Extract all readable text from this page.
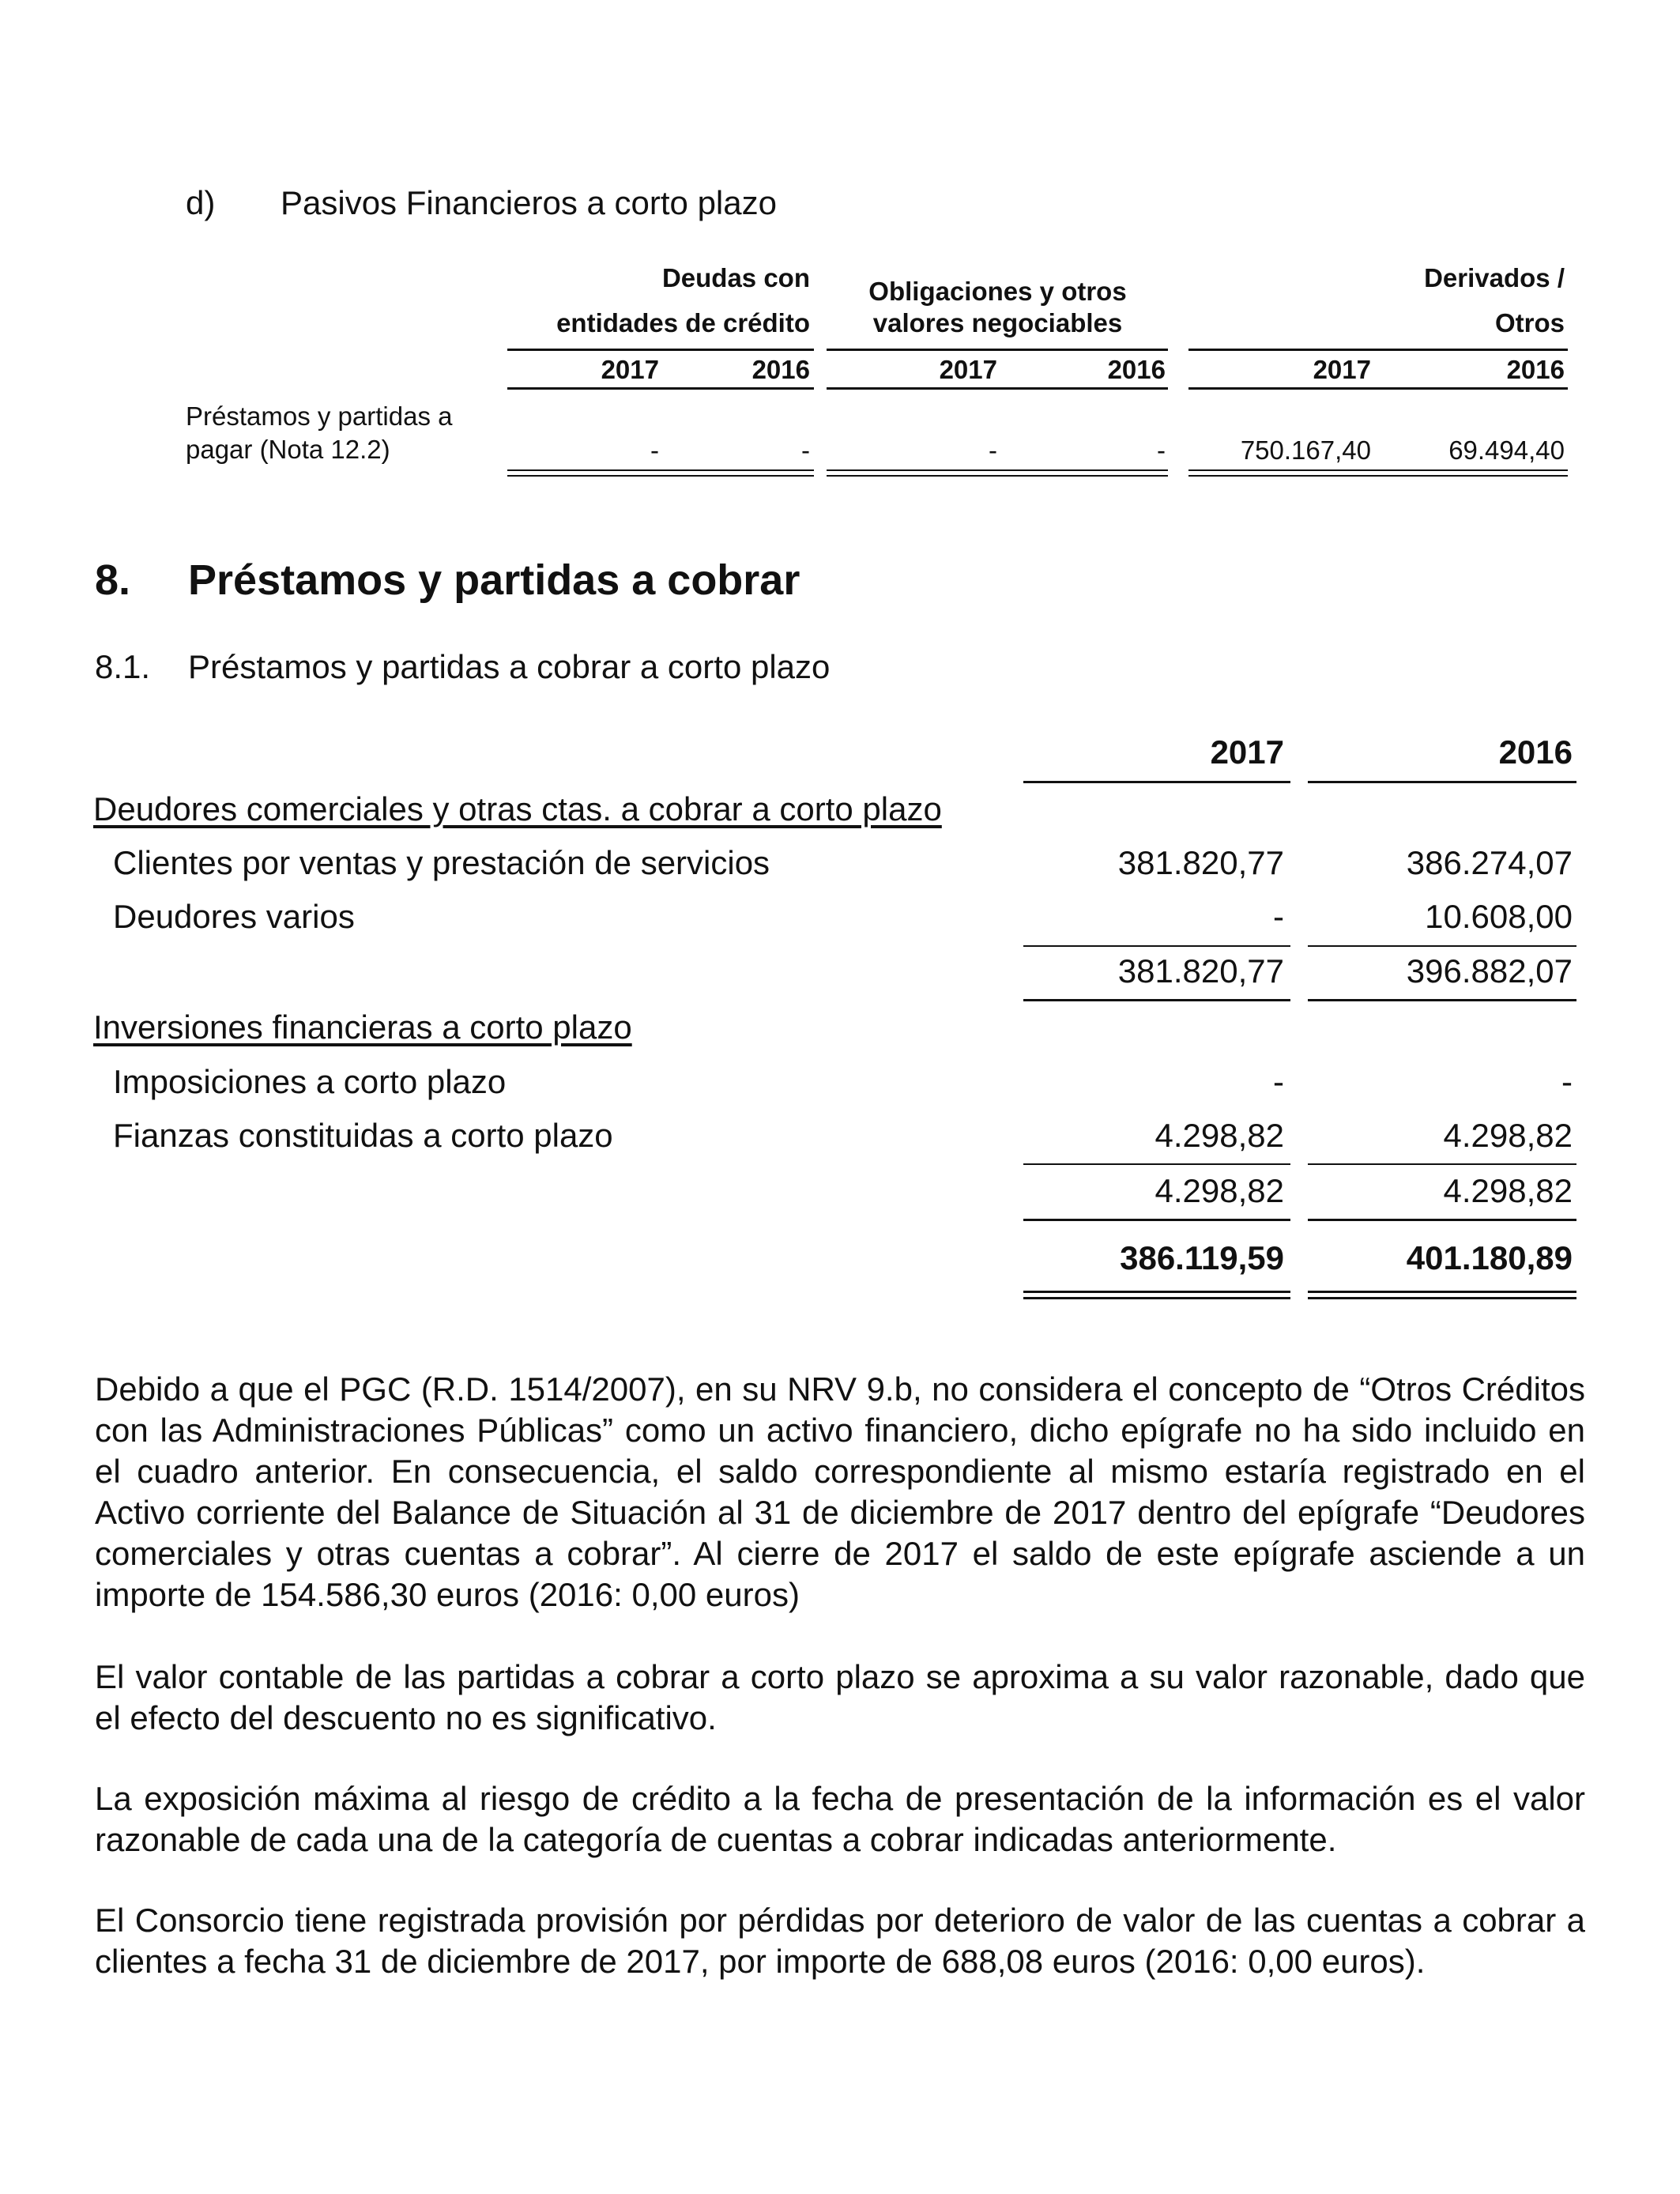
d) Pasivos Financieros a corto plazo
Deudas con
entidades de crédito
Obligaciones y otros
valores negociables
Derivados /
Otros
2017	2016	2017	2016	2017	2016
Préstamos y partidas a
pagar (Nota 12.2)	-	-	-	-	750.167,40	69.494,40
8. Préstamos y partidas a cobrar
8.1. Préstamos y partidas a cobrar a corto plazo
2017	2016
Deudores comerciales y otras ctas. a cobrar a corto plazo
Clientes por ventas y prestación de servicios	381.820,77	386.274,07
Deudores varios	-	10.608,00
381.820,77	396.882,07
Inversiones financieras a corto plazo
Imposiciones a corto plazo	-	-
Fianzas constituidas a corto plazo	4.298,82	4.298,82
4.298,82	4.298,82
386.119,59	401.180,89
Debido a que el PGC (R.D. 1514/2007), en su NRV 9.b, no considera el concepto de “Otros Créditos con las Administraciones Públicas” como un activo financiero, dicho epígrafe no ha sido incluido en el cuadro anterior. En consecuencia, el saldo correspondiente al mismo estaría registrado en el Activo corriente del Balance de Situación al 31 de diciembre de 2017 dentro del epígrafe “Deudores comerciales y otras cuentas a cobrar”. Al cierre de 2017 el saldo de este epígrafe asciende a un importe de 154.586,30 euros (2016: 0,00 euros)
El valor contable de las partidas a cobrar a corto plazo se aproxima a su valor razonable, dado que el efecto del descuento no es significativo.
La exposición máxima al riesgo de crédito a la fecha de presentación de la información es el valor razonable de cada una de la categoría de cuentas a cobrar indicadas anteriormente.
El Consorcio tiene registrada provisión por pérdidas por deterioro de valor de las cuentas a cobrar a clientes a fecha 31 de diciembre de 2017, por importe de 688,08 euros (2016: 0,00 euros).
